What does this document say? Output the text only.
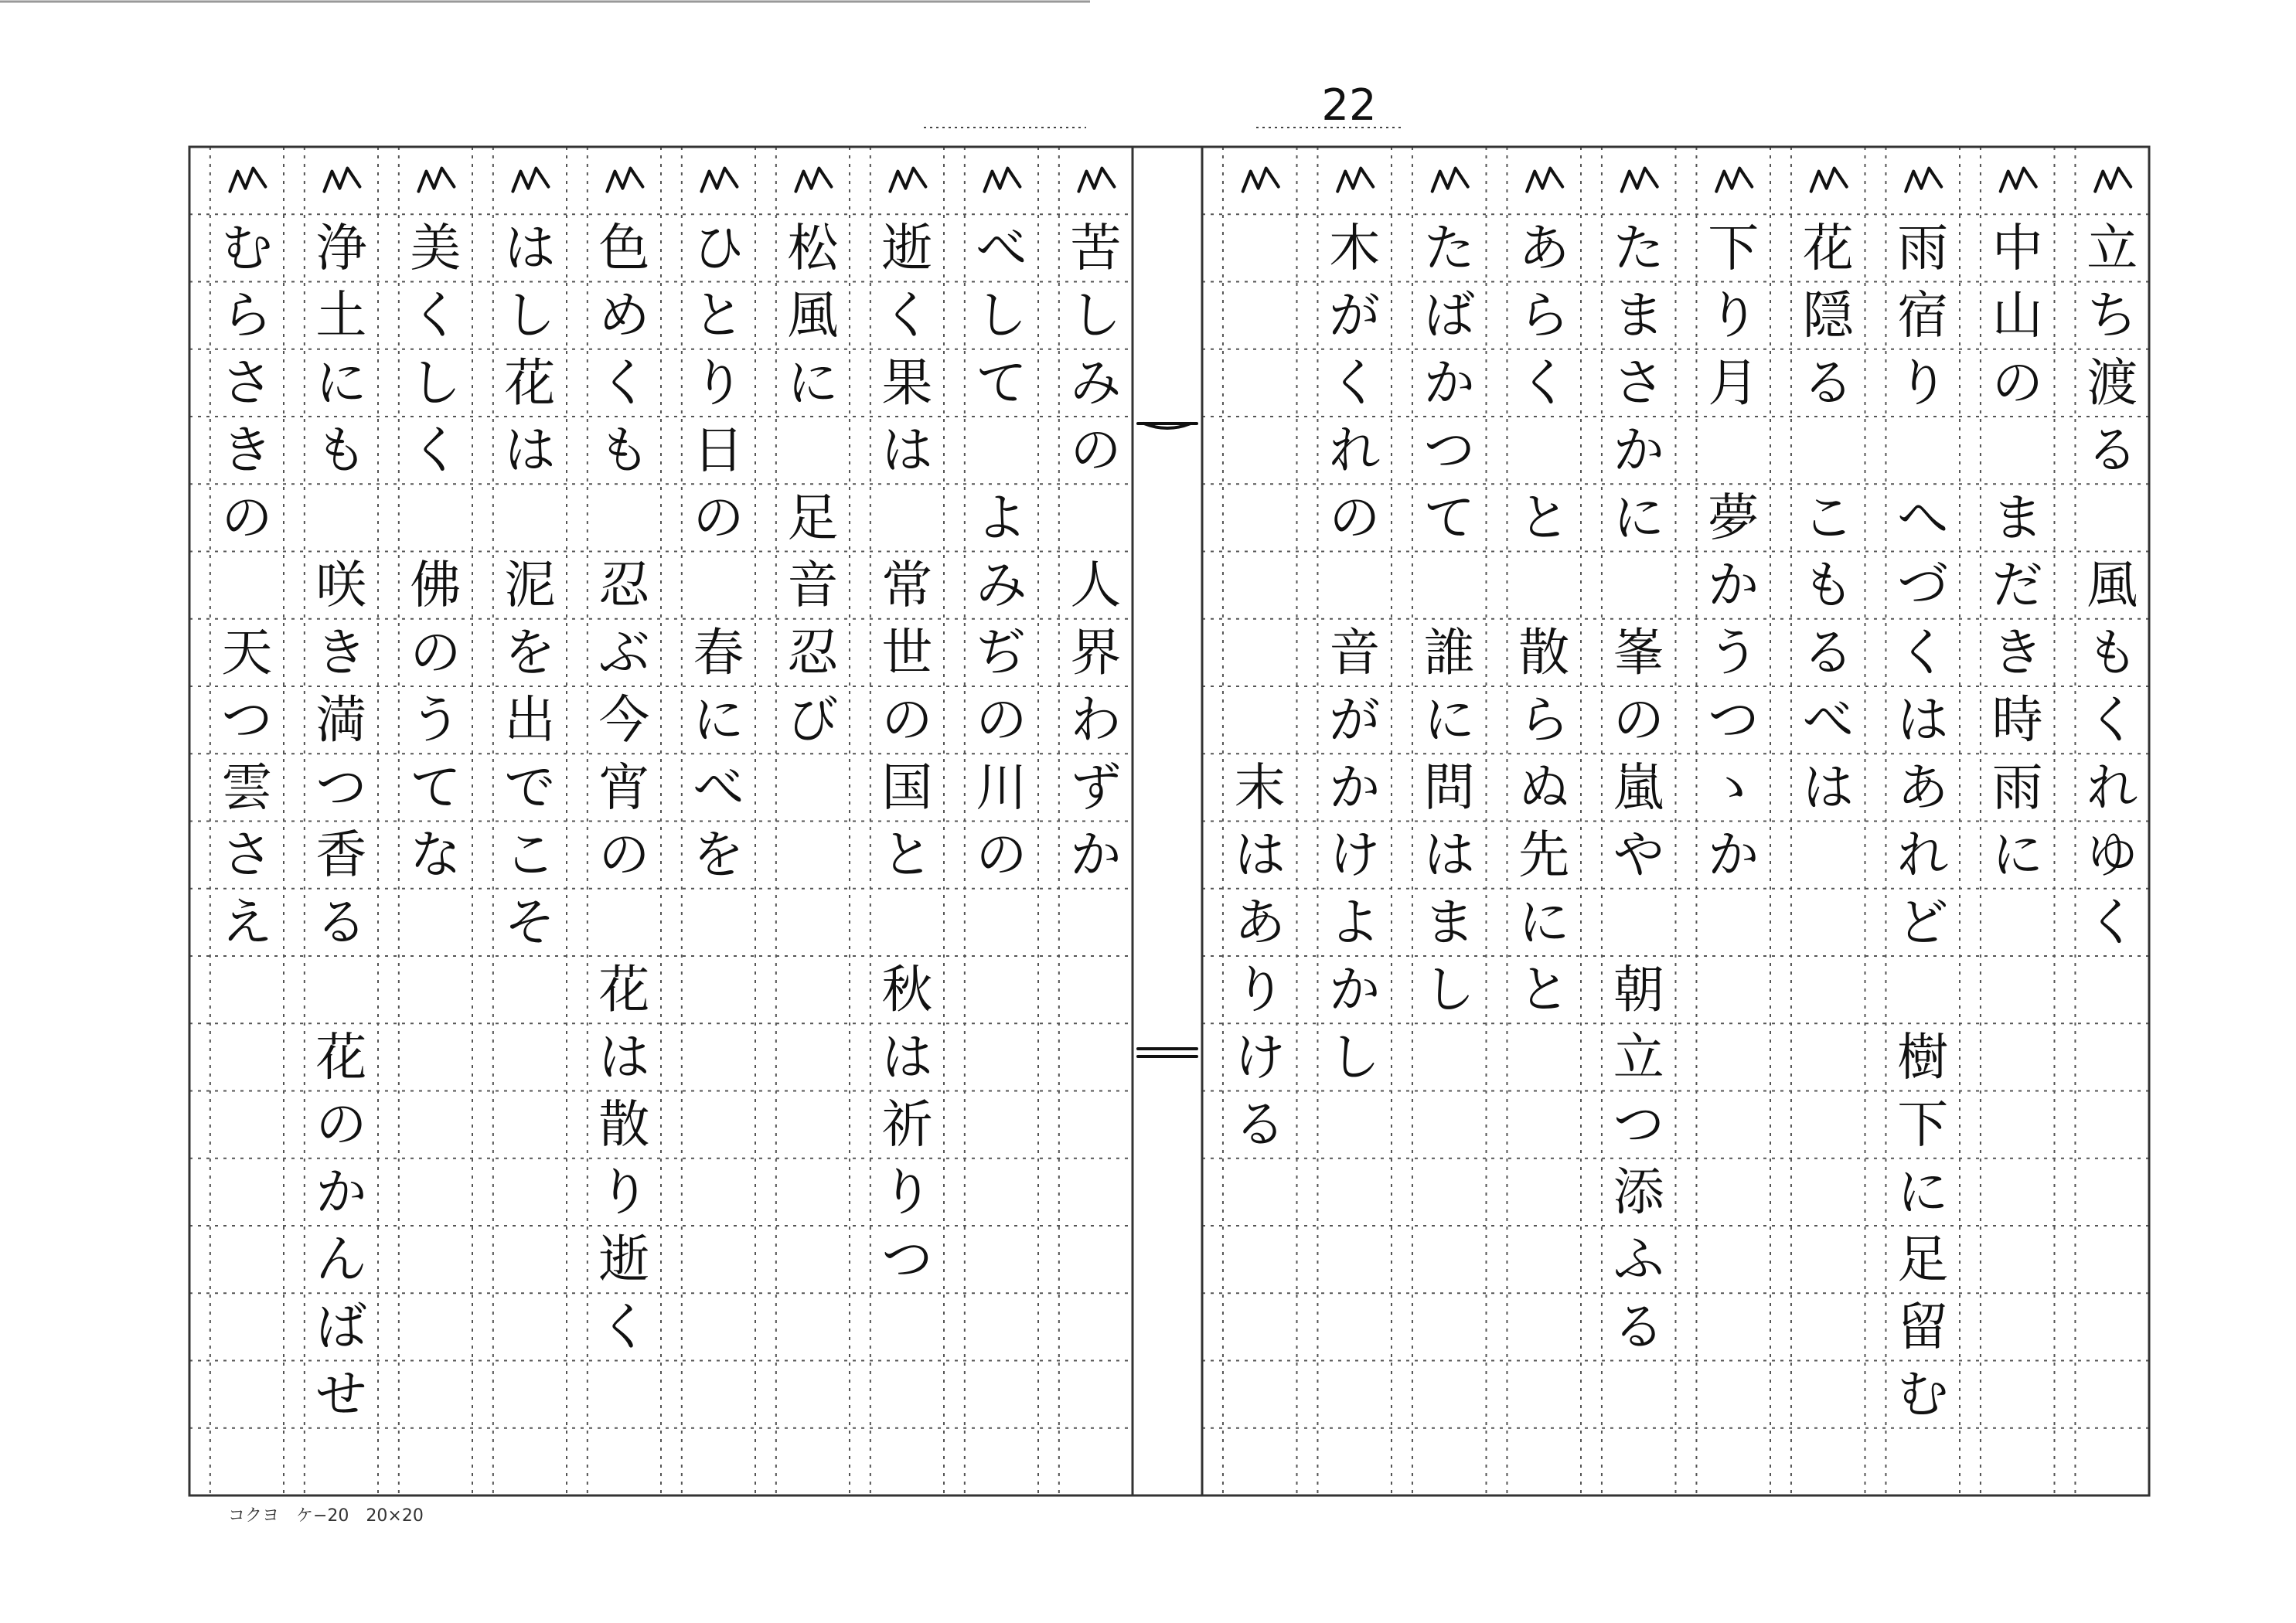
22
立
ち
渡
る
風
も
く
れ
ゆ
く
中
山
の
ま
だ
き
時
雨
に
雨
宿
り
へ
づ
く
は
あ
れ
ど
樹
下
に
足
留
む
花
隠
る
こ
も
る
べ
は
下
り
月
夢
か
う
つ
ゝ
か
た
ま
さ
か
に
峯
の
嵐
や
朝
立
つ
添
ふ
る
あ
ら
く
と
散
ら
ぬ
先
に
と
た
ば
か
つ
て
誰
に
問
は
ま
し
木
が
く
れ
の
音
が
か
け
よ
か
し
末
は
あ
り
け
る
苦
し
み
の
人
界
わ
ず
か
べ
し
て
よ
み
ぢ
の
川
の
逝
く
果
は
常
世
の
国
と
秋
は
祈
り
つ
松
風
に
足
音
忍
び
ひ
と
り
日
の
春
に
べ
を
色
め
く
も
忍
ぶ
今
宵
の
花
は
散
り
逝
く
は
し
花
は
泥
を
出
で
こ
そ
美
く
し
く
佛
の
う
て
な
浄
土
に
も
咲
き
満
つ
香
る
花
の
か
ん
ば
せ
む
ら
さ
き
の
天
つ
雲
さ
え
コクヨ　ケ−20　20×20
